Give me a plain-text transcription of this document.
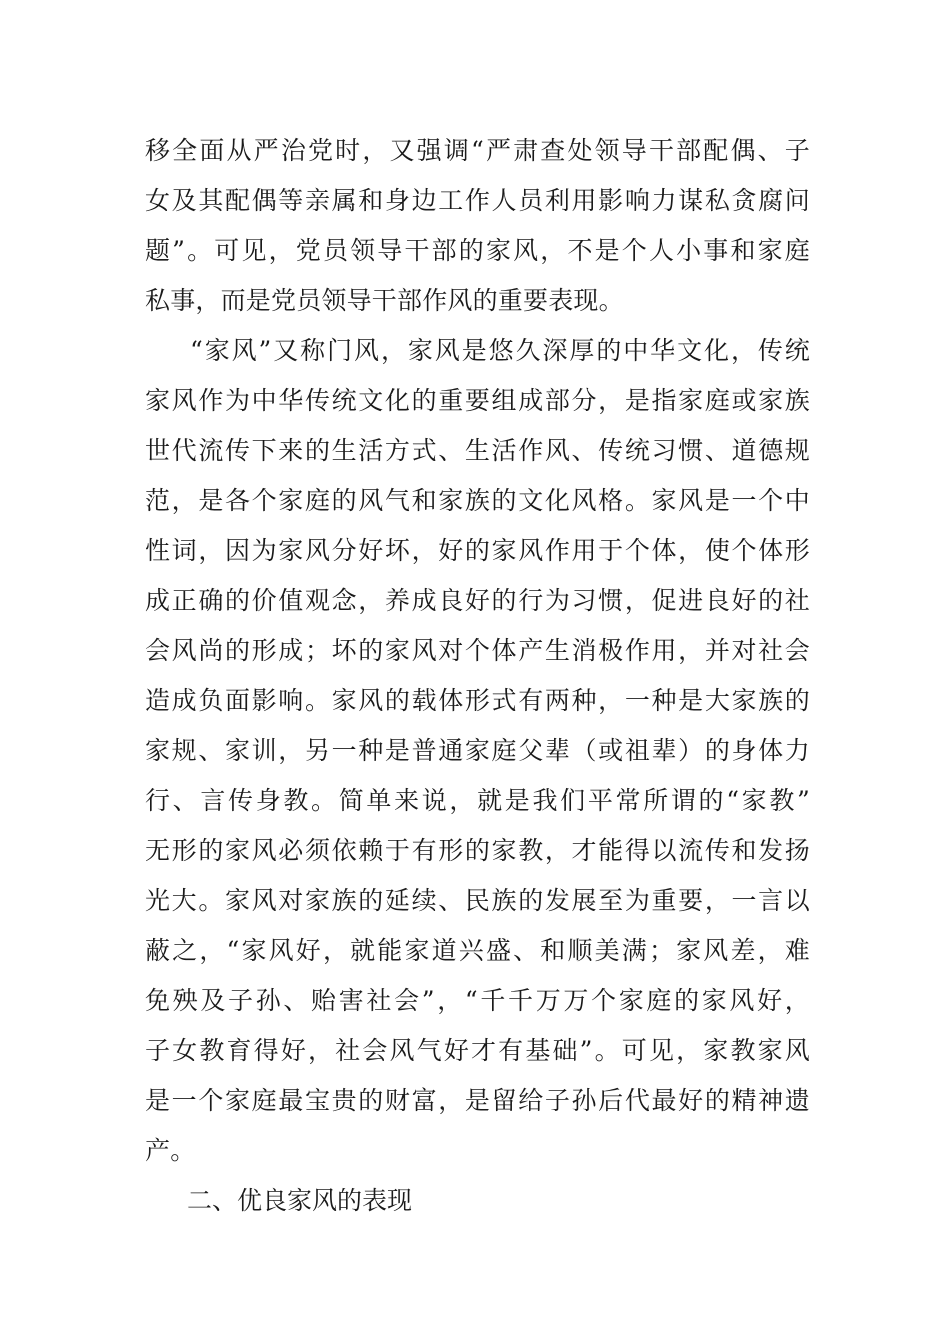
移全面从严治党时，又强调“严肃查处领导干部配偶、子
女及其配偶等亲属和身边工作人员利用影响力谋私贪腐问
题”。可见，党员领导干部的家风，不是个人小事和家庭
私事，而是党员领导干部作风的重要表现。
“家风”又称门风，家风是悠久深厚的中华文化，传统
家风作为中华传统文化的重要组成部分，是指家庭或家族
世代流传下来的生活方式、生活作风、传统习惯、道德规
范，是各个家庭的风气和家族的文化风格。家风是一个中
性词，因为家风分好坏，好的家风作用于个体，使个体形
成正确的价值观念，养成良好的行为习惯，促进良好的社
会风尚的形成；坏的家风对个体产生消极作用，并对社会
造成负面影响。家风的载体形式有两种，一种是大家族的
家规、家训，另一种是普通家庭父辈（或祖辈）的身体力
行、言传身教。简单来说，就是我们平常所谓的“家教”
无形的家风必须依赖于有形的家教，才能得以流传和发扬
光大。家风对家族的延续、民族的发展至为重要，一言以
蔽之，“家风好，就能家道兴盛、和顺美满；家风差，难
免殃及子孙、贻害社会”，“千千万万个家庭的家风好，
子女教育得好，社会风气好才有基础”。可见，家教家风
是一个家庭最宝贵的财富，是留给子孙后代最好的精神遗
产。
二、优良家风的表现
